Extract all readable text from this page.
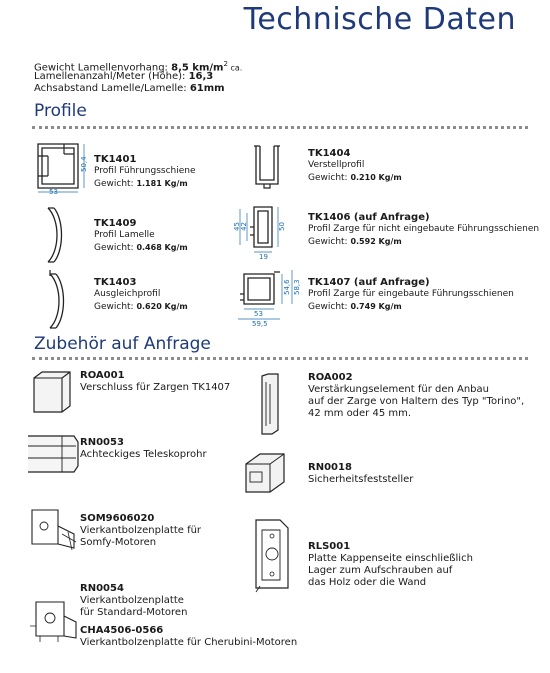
Technische Daten
Gewicht Lamellenvorhang: 8,5 $km/m^2$ ca.
Lamellenanzahl/Meter (Höhe): 16,3
Achsabstand Lamelle/Lamelle: 61mm
Profile
50,4
53
TK1401
Profil Führungsschiene
Gewicht: 1.181 Kg/m
TK1404
Verstellprofil
Gewicht: 0.210 Kg/m
TK1409
Profil Lamelle
Gewicht: 0.468 Kg/m
45 42	50
19
TK1406 (auf Anfrage)
Profil Zarge für nicht eingebaute Führungsschienen
Gewicht: 0.592 Kg/m
TK1403
Ausgleichprofil
Gewicht: 0.620 Kg/m
54,6 58,3
53
59,5
TK1407 (auf Anfrage)
Profil Zarge für eingebaute Führungsschienen
Gewicht: 0.749 Kg/m
Zubehör auf Anfrage
ROA001
Verschluss für Zargen TK1407
ROA002
Verstärkungselement für den Anbau
auf der Zarge von Haltern des Typ "Torino",
42 mm oder 45 mm.
RN0053
Achteckiges Teleskoprohr
RN0018
Sicherheitsfeststeller
SOM9606020
Vierkantbolzenplatte für
Somfy-Motoren	RLS001
Platte Kappenseite einschließlich
Lager zum Aufschrauben auf
das Holz oder die Wand
RN0054
Vierkantbolzenplatte
für Standard-Motoren
CHA4506-0566
Vierkantbolzenplatte für Cherubini-Motoren
